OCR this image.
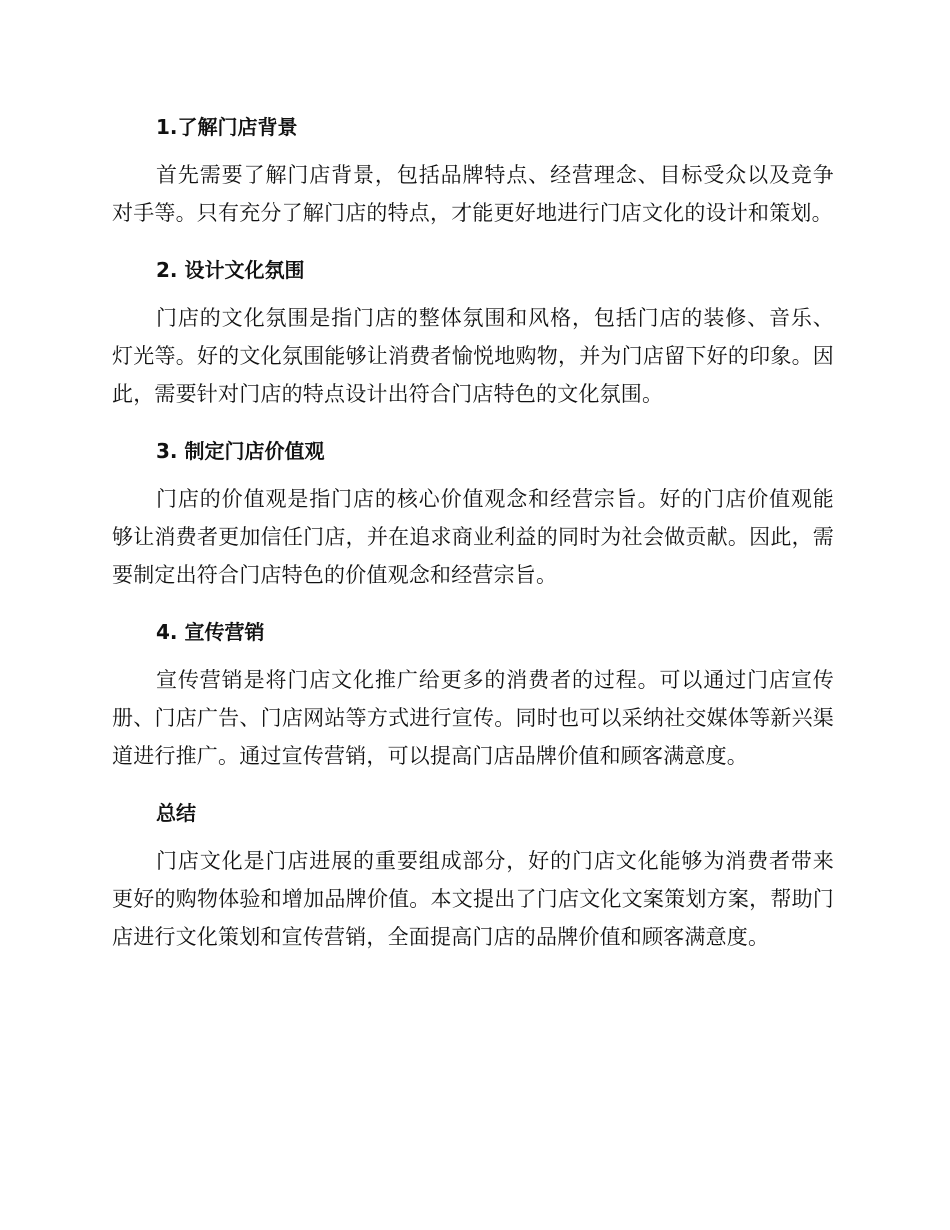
1.了解门店背景

首先需要了解门店背景，包括品牌特点、经营理念、目标受众以及竞争对手等。只有充分了解门店的特点，才能更好地进行门店文化的设计和策划。

2. 设计文化氛围

门店的文化氛围是指门店的整体氛围和风格，包括门店的装修、音乐、灯光等。好的文化氛围能够让消费者愉悦地购物，并为门店留下好的印象。因此，需要针对门店的特点设计出符合门店特色的文化氛围。

3. 制定门店价值观

门店的价值观是指门店的核心价值观念和经营宗旨。好的门店价值观能够让消费者更加信任门店，并在追求商业利益的同时为社会做贡献。因此，需要制定出符合门店特色的价值观念和经营宗旨。

4. 宣传营销

宣传营销是将门店文化推广给更多的消费者的过程。可以通过门店宣传册、门店广告、门店网站等方式进行宣传。同时也可以采纳社交媒体等新兴渠道进行推广。通过宣传营销，可以提高门店品牌价值和顾客满意度。

总结

门店文化是门店进展的重要组成部分，好的门店文化能够为消费者带来更好的购物体验和增加品牌价值。本文提出了门店文化文案策划方案，帮助门店进行文化策划和宣传营销，全面提高门店的品牌价值和顾客满意度。
